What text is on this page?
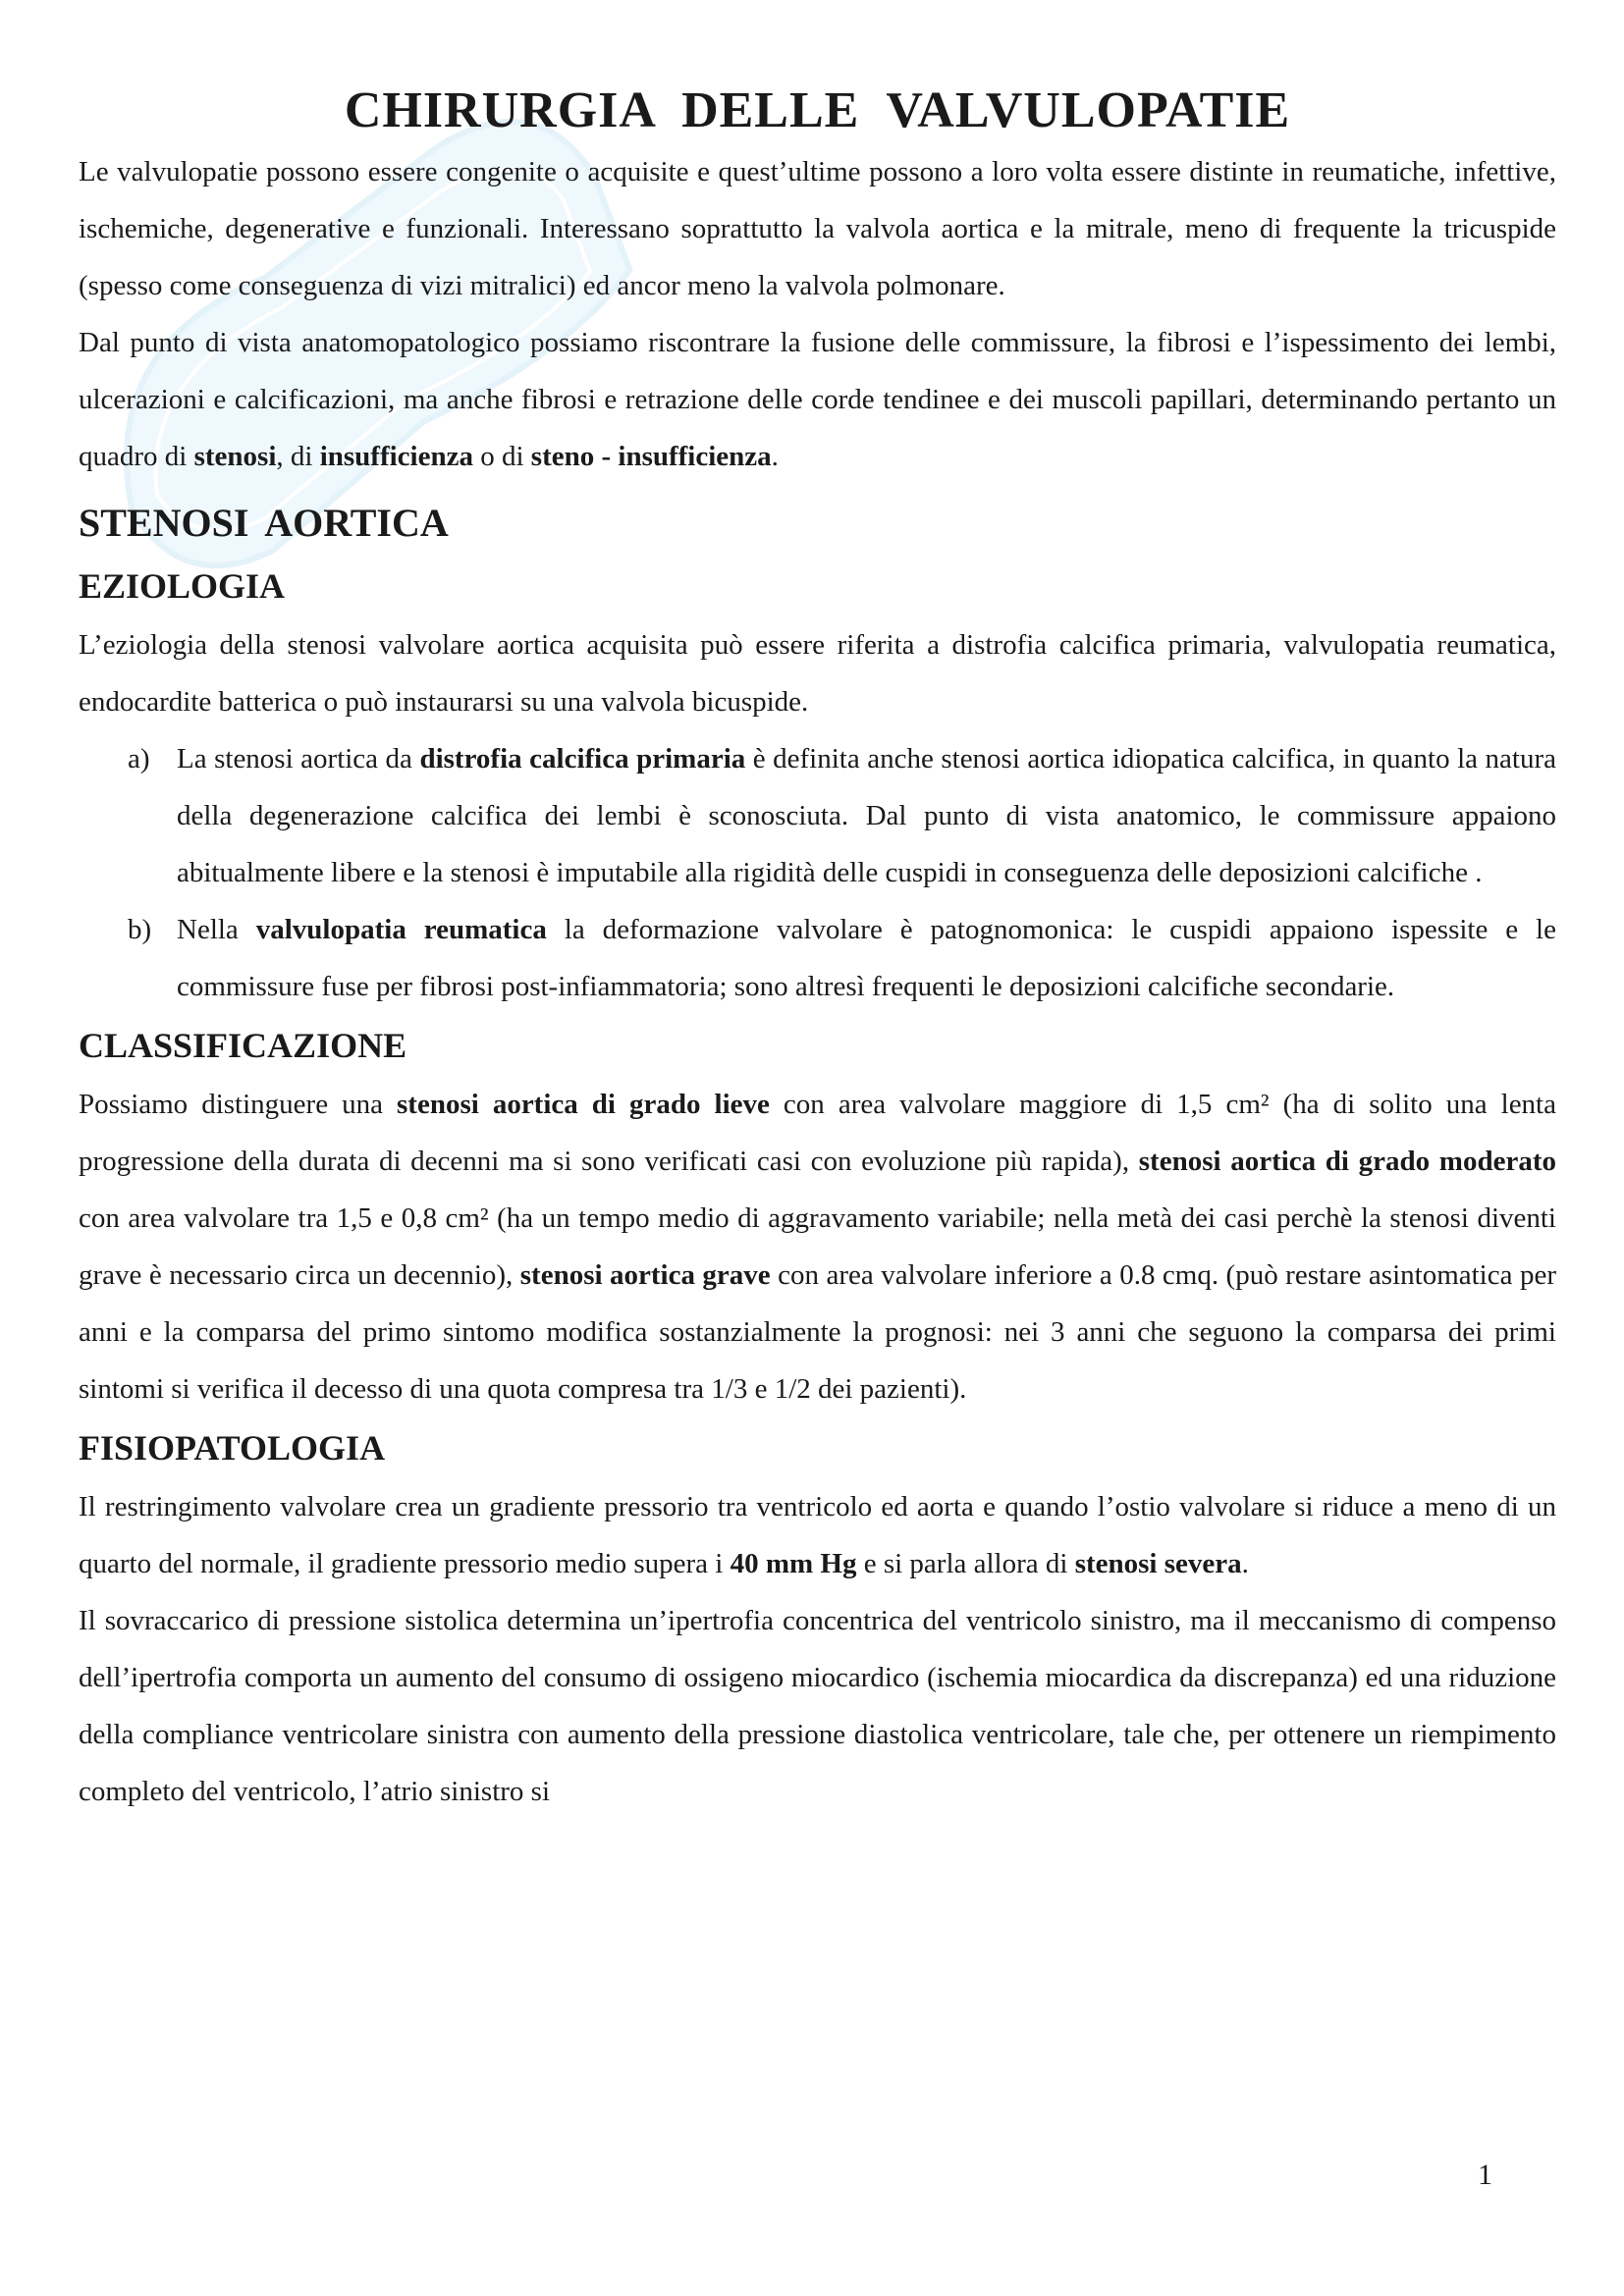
CHIRURGIA DELLE VALVULOPATIE

Le valvulopatie possono essere congenite o acquisite e quest’ultime possono a loro volta essere distinte in reumatiche, infettive, ischemiche, degenerative e funzionali. Interessano soprattutto la valvola aortica e la mitrale, meno di frequente la tricuspide (spesso come conseguenza di vizi mitralici) ed ancor meno la valvola polmonare.

Dal punto di vista anatomopatologico possiamo riscontrare la fusione delle commissure, la fibrosi e l’ispessimento dei lembi, ulcerazioni e calcificazioni, ma anche fibrosi e retrazione delle corde tendinee e dei muscoli papillari, determinando pertanto un quadro di stenosi, di insufficienza o di steno - insufficienza.

STENOSI AORTICA
EZIOLOGIA

L’eziologia della stenosi valvolare aortica acquisita può essere riferita a distrofia calcifica primaria, valvulopatia reumatica, endocardite batterica o può instaurarsi su una valvola bicuspide.

a) La stenosi aortica da distrofia calcifica primaria è definita anche stenosi aortica idiopatica calcifica, in quanto la natura della degenerazione calcifica dei lembi è sconosciuta. Dal punto di vista anatomico, le commissure appaiono abitualmente libere e la stenosi è imputabile alla rigidità delle cuspidi in conseguenza delle deposizioni calcifiche .

b) Nella valvulopatia reumatica la deformazione valvolare è patognomonica: le cuspidi appaiono ispessite e le commissure fuse per fibrosi post-infiammatoria; sono altresì frequenti le deposizioni calcifiche secondarie.

CLASSIFICAZIONE

Possiamo distinguere una stenosi aortica di grado lieve con area valvolare maggiore di 1,5 cm² (ha di solito una lenta progressione della durata di decenni ma si sono verificati casi con evoluzione più rapida), stenosi aortica di grado moderato con area valvolare tra 1,5 e 0,8 cm² (ha un tempo medio di aggravamento variabile; nella metà dei casi perchè la stenosi diventi grave è necessario circa un decennio), stenosi aortica grave con area valvolare inferiore a 0.8 cmq. (può restare asintomatica per anni e la comparsa del primo sintomo modifica sostanzialmente la prognosi: nei 3 anni che seguono la comparsa dei primi sintomi si verifica il decesso di una quota compresa tra 1/3 e 1/2 dei pazienti).

FISIOPATOLOGIA

Il restringimento valvolare crea un gradiente pressorio tra ventricolo ed aorta e quando l’ostio valvolare si riduce a meno di un quarto del normale, il gradiente pressorio medio supera i 40 mm Hg e si parla allora di stenosi severa.

Il sovraccarico di pressione sistolica determina un’ipertrofia concentrica del ventricolo sinistro, ma il meccanismo di compenso dell’ipertrofia comporta un aumento del consumo di ossigeno miocardico (ischemia miocardica da discrepanza) ed una riduzione della compliance ventricolare sinistra con aumento della pressione diastolica ventricolare, tale che, per ottenere un riempimento completo del ventricolo, l’atrio sinistro si

1
